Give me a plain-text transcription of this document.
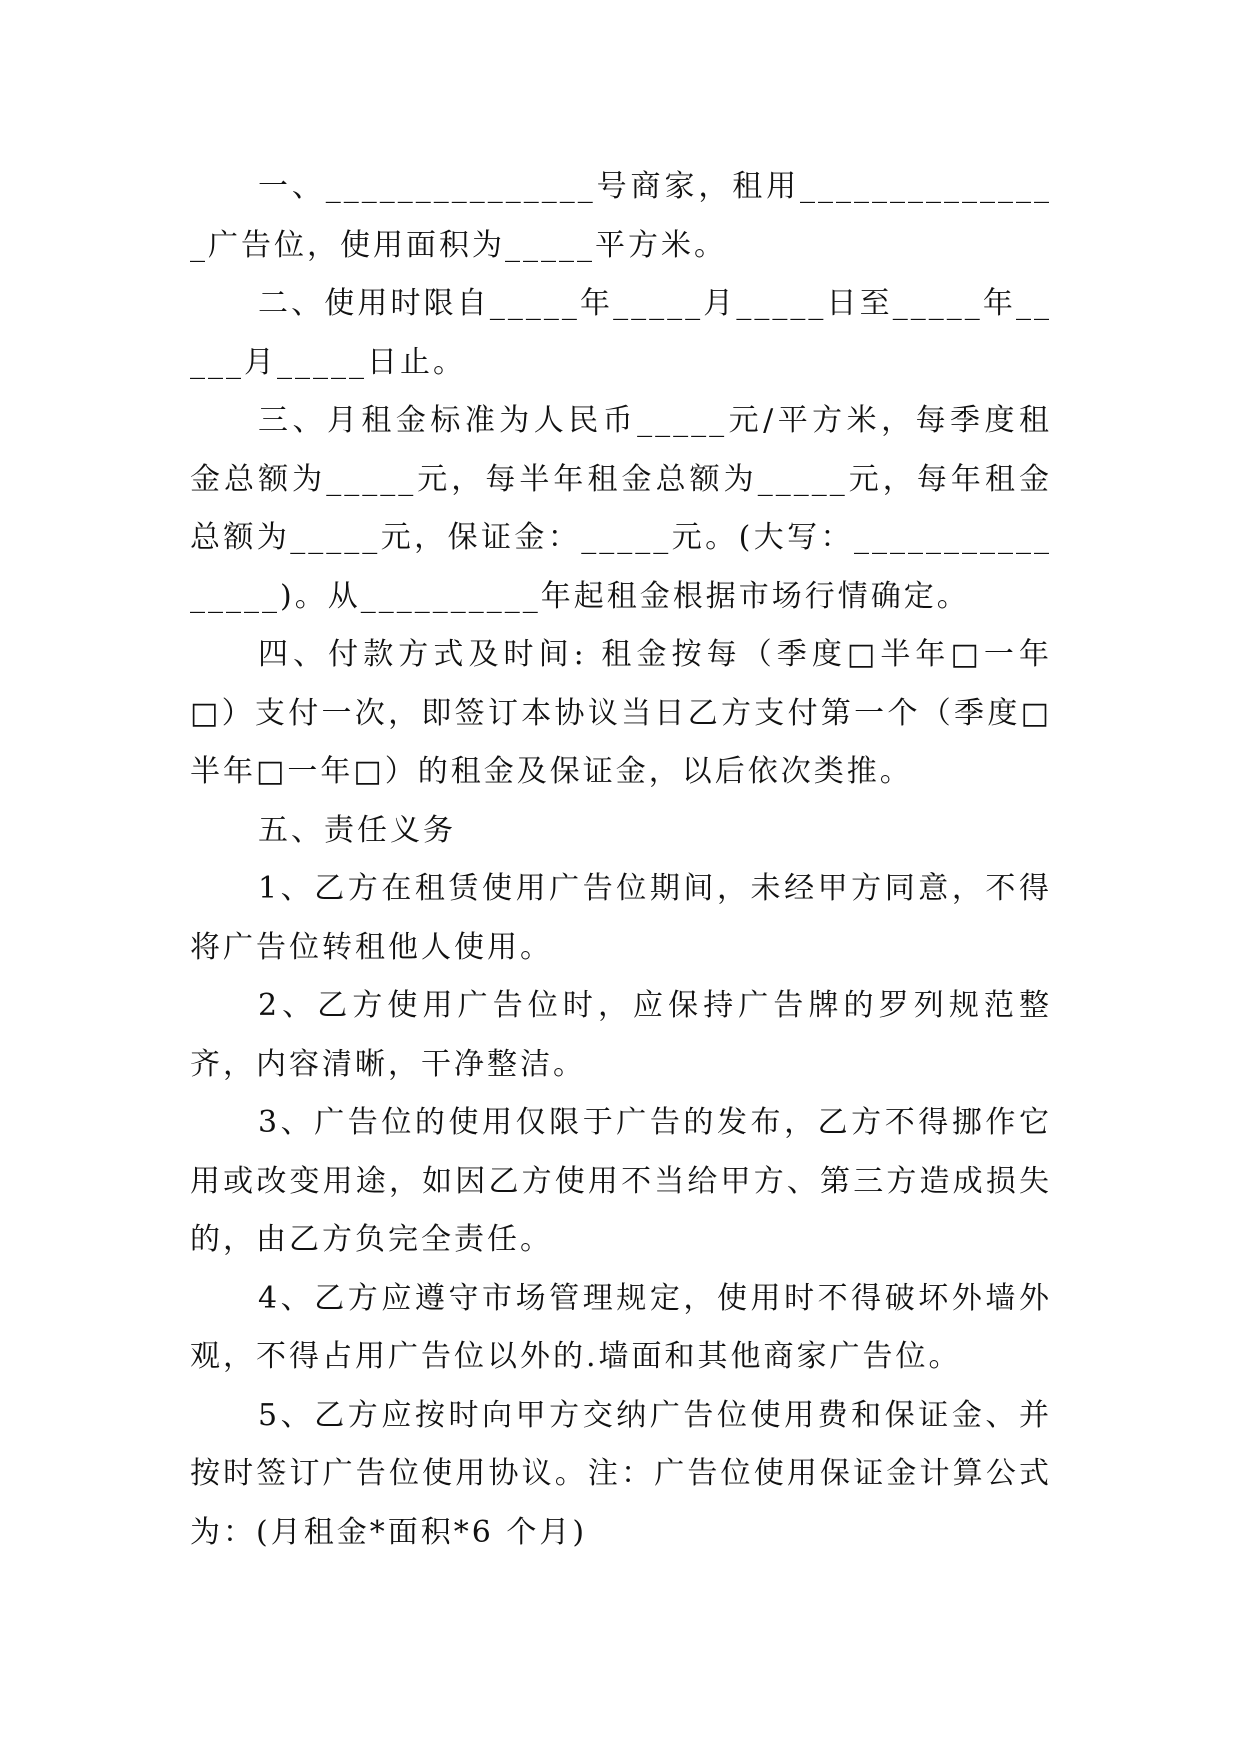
一、_______________号商家，租用_______________广告位，使用面积为_____平方米。

二、使用时限自_____年_____月_____日至_____年_____月_____日止。

三、月租金标准为人民币_____元/平方米，每季度租金总额为_____元，每半年租金总额为_____元，每年租金总额为_____元，保证金：_____元。(大写：________________)。从__________年起租金根据市场行情确定。

四、付款方式及时间: 租金按每（季度□半年□一年□）支付一次，即签订本协议当日乙方支付第一个（季度□半年□一年□）的租金及保证金，以后依次类推。

五、责任义务

1、乙方在租赁使用广告位期间，未经甲方同意，不得将广告位转租他人使用。

2、乙方使用广告位时，应保持广告牌的罗列规范整齐，内容清晰，干净整洁。

3、广告位的使用仅限于广告的发布，乙方不得挪作它用或改变用途，如因乙方使用不当给甲方、第三方造成损失的，由乙方负完全责任。

4、乙方应遵守市场管理规定，使用时不得破坏外墙外观，不得占用广告位以外的.墙面和其他商家广告位。

5、乙方应按时向甲方交纳广告位使用费和保证金、并按时签订广告位使用协议。注：广告位使用保证金计算公式为：(月租金*面积*6 个月)
